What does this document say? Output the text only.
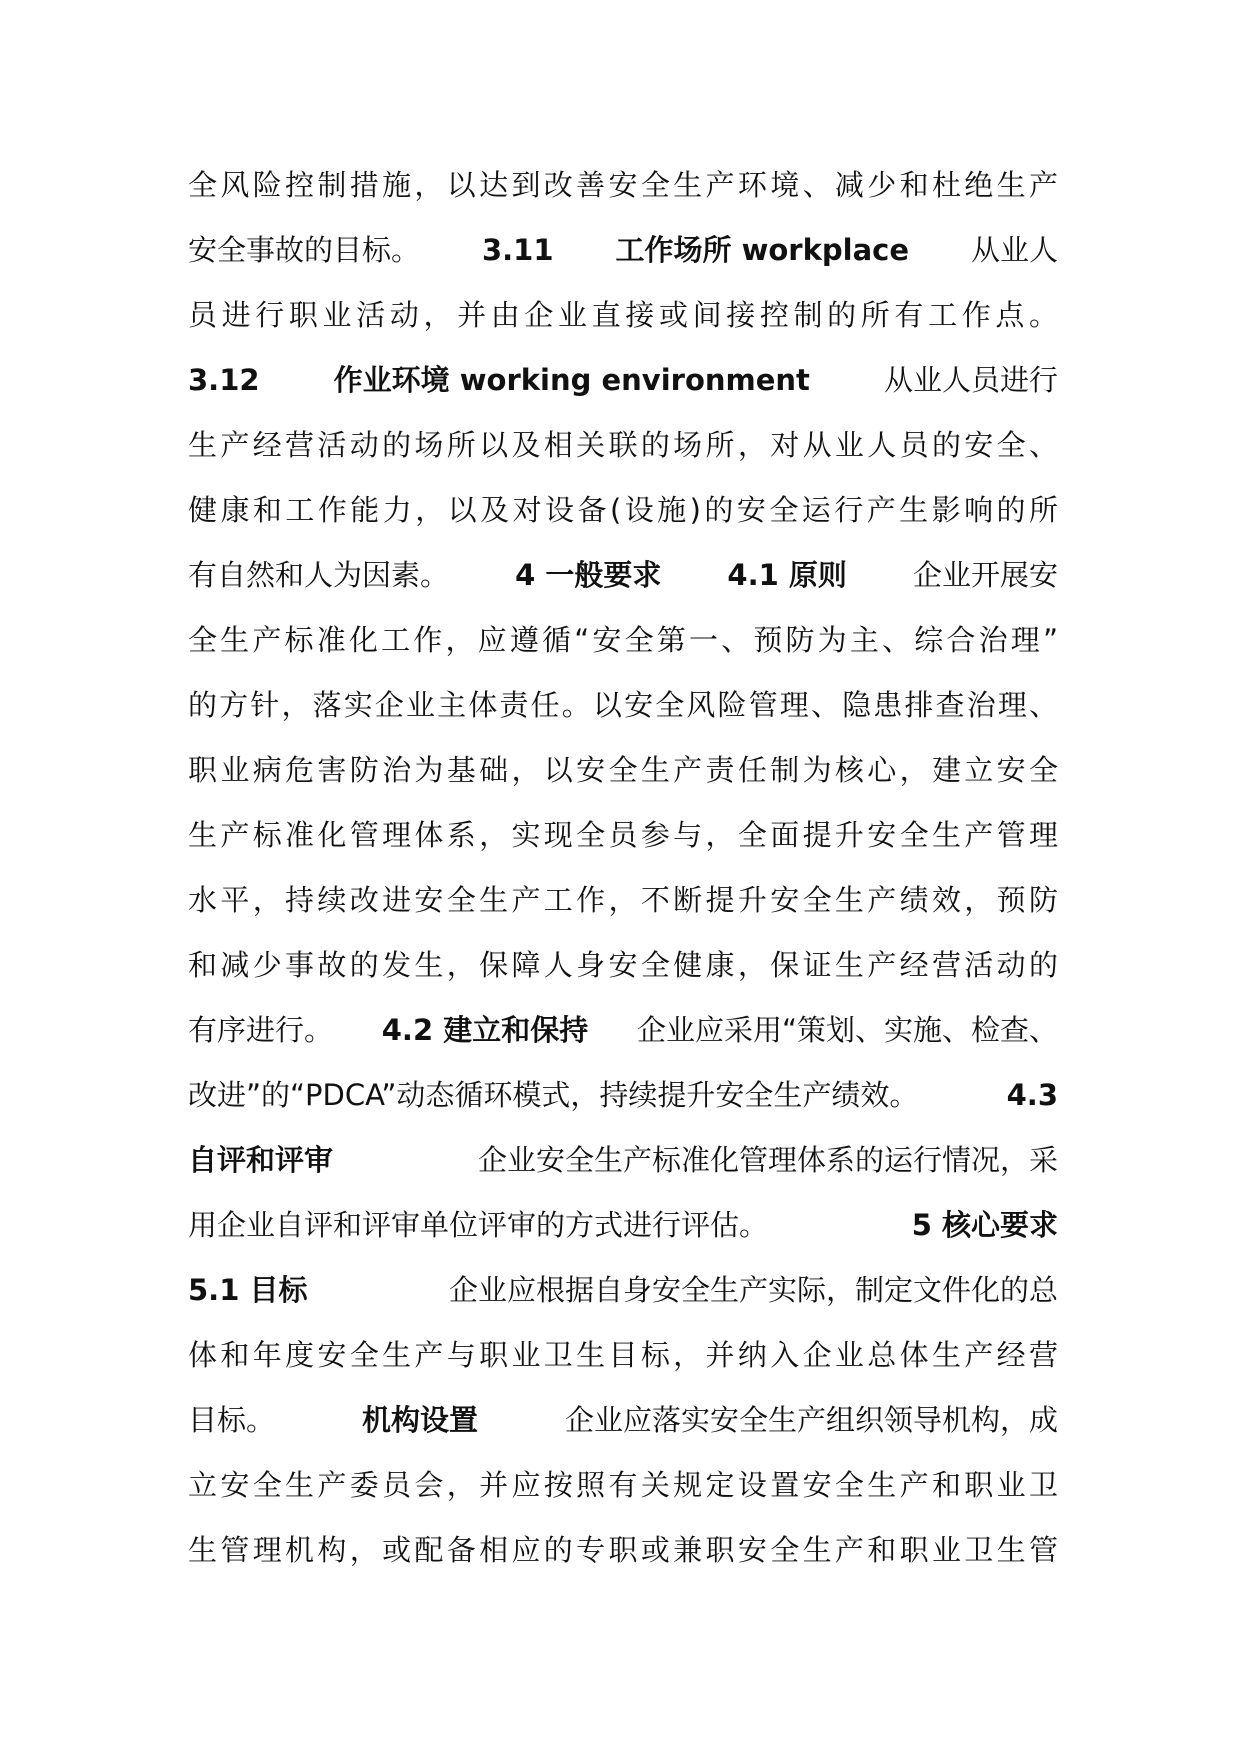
全风险控制措施，以达到改善安全生产环境、减少和杜绝生产
安全事故的目标。 3.11 工作场所 workplace 从业人
员进行职业活动，并由企业直接或间接控制的所有工作点。
3.12	作业环境 working environment	从业人员进行
生产经营活动的场所以及相关联的场所，对从业人员的安全、
健康和工作能力，以及对设备(设施)的安全运行产生影响的所
有自然和人为因素。 4 一般要求 4.1 原则 企业开展安
全生产标准化工作，应遵循“安全第一、预防为主、综合治理”
的方针，落实企业主体责任。以安全风险管理、隐患排查治理、
职业病危害防治为基础，以安全生产责任制为核心，建立安全
生产标准化管理体系，实现全员参与，全面提升安全生产管理
水平，持续改进安全生产工作，不断提升安全生产绩效，预防
和减少事故的发生，保障人身安全健康，保证生产经营活动的
有序进行。 4.2 建立和保持 企业应采用“策划、实施、检查、
改进”的“PDCA”动态循环模式，持续提升安全生产绩效。	4.3
自评和评审	企业安全生产标准化管理体系的运行情况，采
用企业自评和评审单位评审的方式进行评估。	5 核心要求
5.1 目标	企业应根据自身安全生产实际，制定文件化的总
体和年度安全生产与职业卫生目标，并纳入企业总体生产经营
目标。	机构设置	企业应落实安全生产组织领导机构，成
立安全生产委员会，并应按照有关规定设置安全生产和职业卫
生管理机构，或配备相应的专职或兼职安全生产和职业卫生管
